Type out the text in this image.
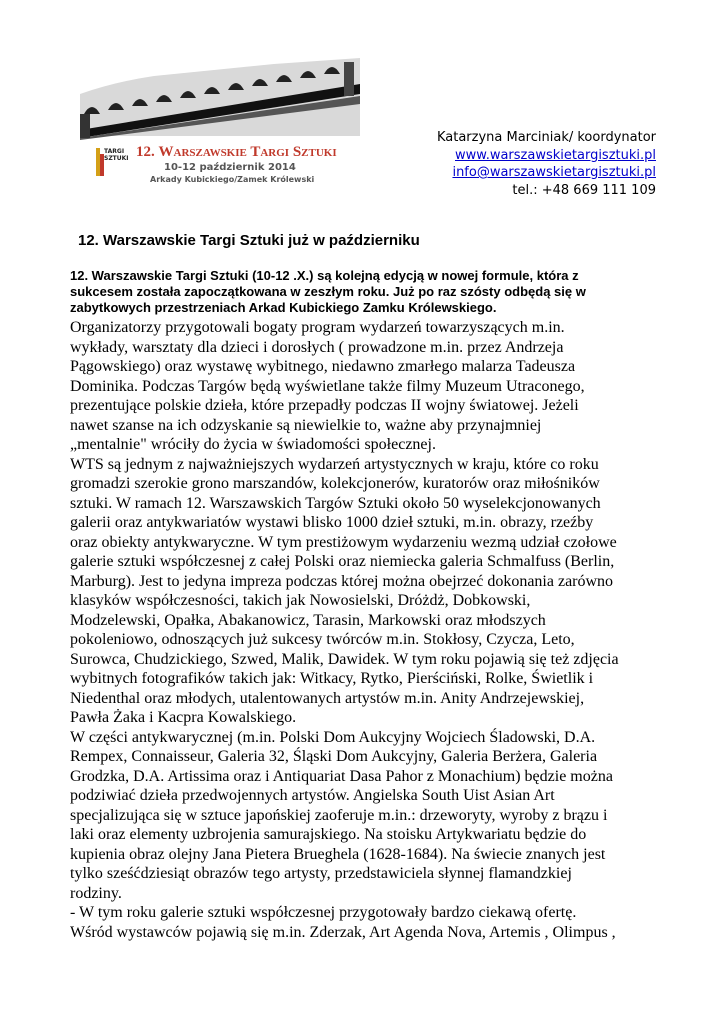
TARGI
SZTUKI 12. Warszawskie Targi Sztuki
10-12 październik 2014
Arkady Kubickiego/Zamek Królewski
Katarzyna Marciniak/ koordynator
www.warszawskietargisztuki.pl
info@warszawskietargisztuki.pl
tel.: +48 669 111 109
12. Warszawskie Targi Sztuki już w październiku

12. Warszawskie Targi Sztuki (10-12 .X.) są kolejną edycją w nowej formule, która z
sukcesem została zapoczątkowana w zeszłym roku. Już po raz szósty odbędą się w
zabytkowych przestrzeniach Arkad Kubickiego Zamku Królewskiego.

Organizatorzy przygotowali bogaty program wydarzeń towarzyszących m.in.
wykłady, warsztaty dla dzieci i dorosłych ( prowadzone m.in. przez Andrzeja
Pągowskiego) oraz wystawę wybitnego, niedawno zmarłego malarza Tadeusza
Dominika. Podczas Targów będą wyświetlane także filmy Muzeum Utraconego,
prezentujące polskie dzieła, które przepadły podczas II wojny światowej. Jeżeli
nawet szanse na ich odzyskanie są niewielkie to, ważne aby przynajmniej
„mentalnie" wróciły do życia w świadomości społecznej.
WTS są jednym z najważniejszych wydarzeń artystycznych w kraju, które co roku
gromadzi szerokie grono marszandów, kolekcjonerów, kuratorów oraz miłośników
sztuki. W ramach 12. Warszawskich Targów Sztuki około 50 wyselekcjonowanych
galerii oraz antykwariatów wystawi blisko 1000 dzieł sztuki, m.in. obrazy, rzeźby
oraz obiekty antykwaryczne. W tym prestiżowym wydarzeniu wezmą udział czołowe
galerie sztuki współczesnej z całej Polski oraz niemiecka galeria Schmalfuss (Berlin,
Marburg). Jest to jedyna impreza podczas której można obejrzeć dokonania zarówno
klasyków współczesności, takich jak Nowosielski, Dróżdż, Dobkowski,
Modzelewski, Opałka, Abakanowicz, Tarasin, Markowski oraz młodszych
pokoleniowo, odnoszących już sukcesy twórców m.in. Stokłosy, Czycza, Leto,
Surowca, Chudzickiego, Szwed, Malik, Dawidek. W tym roku pojawią się też zdjęcia
wybitnych fotografików takich jak: Witkacy, Rytko, Pierściński, Rolke, Świetlik i
Niedenthal oraz młodych, utalentowanych artystów m.in. Anity Andrzejewskiej,
Pawła Żaka i Kacpra Kowalskiego.
W części antykwarycznej (m.in. Polski Dom Aukcyjny Wojciech Śladowski, D.A.
Rempex, Connaisseur, Galeria 32, Śląski Dom Aukcyjny, Galeria Berżera, Galeria
Grodzka, D.A. Artissima oraz i Antiquariat Dasa Pahor z Monachium) będzie można
podziwiać dzieła przedwojennych artystów. Angielska South Uist Asian Art
specjalizująca się w sztuce japońskiej zaoferuje m.in.: drzeworyty, wyroby z brązu i
laki oraz elementy uzbrojenia samurajskiego. Na stoisku Artykwariatu będzie do
kupienia obraz olejny Jana Pietera Brueghela (1628-1684). Na świecie znanych jest
tylko sześćdziesiąt obrazów tego artysty, przedstawiciela słynnej flamandzkiej
rodziny.
- W tym roku galerie sztuki współczesnej przygotowały bardzo ciekawą ofertę.
Wśród wystawców pojawią się m.in. Zderzak, Art Agenda Nova, Artemis , Olimpus ,
